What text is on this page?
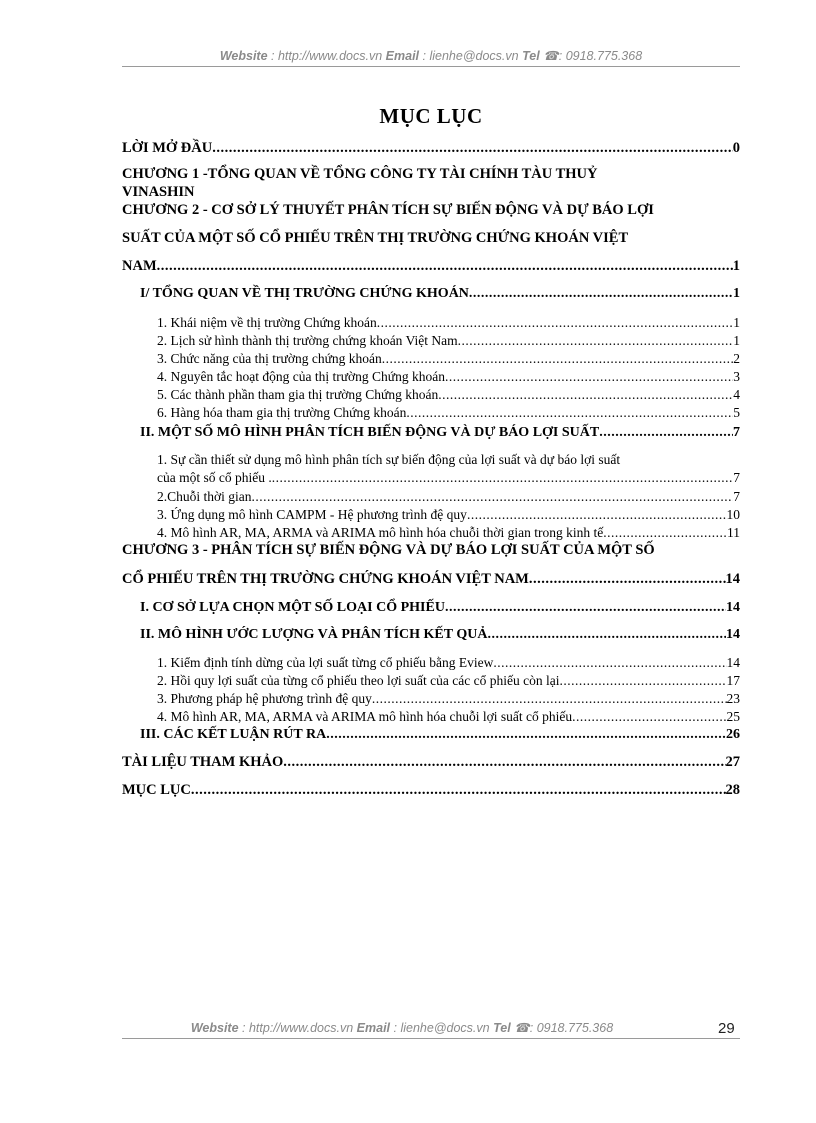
Website : http://www.docs.vn Email : lienhe@docs.vn Tel ☎: 0918.775.368
MỤC LỤC
LỜI MỞ ĐẦU .....	0
CHƯƠNG 1 -TỔNG QUAN VỀ TỔNG CÔNG TY TÀI CHÍNH TÀU THUỶ
VINASHIN
CHƯƠNG 2 - CƠ SỞ LÝ THUYẾT PHÂN TÍCH SỰ BIẾN ĐỘNG VÀ DỰ BÁO LỢI
SUẤT CỦA MỘT SỐ CỔ PHIẾU TRÊN THỊ TRƯỜNG CHỨNG KHOÁN VIỆT
NAM .....	1
I/ TỔNG QUAN VỀ THỊ TRƯỜNG CHỨNG KHOÁN .....	1
1. Khái niệm về thị trường Chứng khoán .....	1
2. Lịch sử hình thành thị trường chứng khoán Việt Nam .....	1
3. Chức năng của thị trường chứng khoán .....	2
4. Nguyên tắc hoạt động của thị trường Chứng khoán .....	3
5. Các thành phần tham gia thị trường Chứng khoán .....	4
6. Hàng hóa tham gia thị trường Chứng khoán .....	5
II. MỘT SỐ MÔ HÌNH PHÂN TÍCH BIẾN ĐỘNG VÀ DỰ BÁO LỢI SUẤT .....	7
1. Sự cần thiết sử dụng mô hình phân tích sự biến động của lợi suất và dự báo lợi suất
của một số cổ phiếu . .....	7
2.Chuỗi thời gian .....	7
3. Ứng dụng mô hình CAMPM - Hệ phương trình đệ quy .....	10
4. Mô hình AR, MA, ARMA và ARIMA mô hình hóa chuỗi thời gian trong kinh tế .....	11
CHƯƠNG 3 - PHÂN TÍCH SỰ BIẾN ĐỘNG VÀ DỰ BÁO LỢI SUẤT CỦA MỘT SỐ
CỔ PHIẾU TRÊN THỊ TRƯỜNG CHỨNG KHOÁN VIỆT NAM .....	14
I. CƠ SỞ LỰA CHỌN MỘT SỐ LOẠI CỔ PHIẾU .....	14
II. MÔ HÌNH ƯỚC LƯỢNG VÀ PHÂN TÍCH KẾT QUẢ .....	14
1. Kiểm định tính dừng của lợi suất từng cổ phiếu bằng Eview .....	14
2. Hồi quy lợi suất của từng cổ phiếu theo lợi suất của các cổ phiếu còn lại .....	17
3. Phương pháp hệ phương trình đệ quy .....	23
4. Mô hình AR, MA, ARMA và ARIMA mô hình hóa chuỗi lợi suất cổ phiếu .....	25
III. CÁC KẾT LUẬN RÚT RA .....	26
TÀI LIỆU THAM KHẢO .....	27
MỤC LỤC .....	28
Website : http://www.docs.vn Email : lienhe@docs.vn Tel ☎: 0918.775.368	29
